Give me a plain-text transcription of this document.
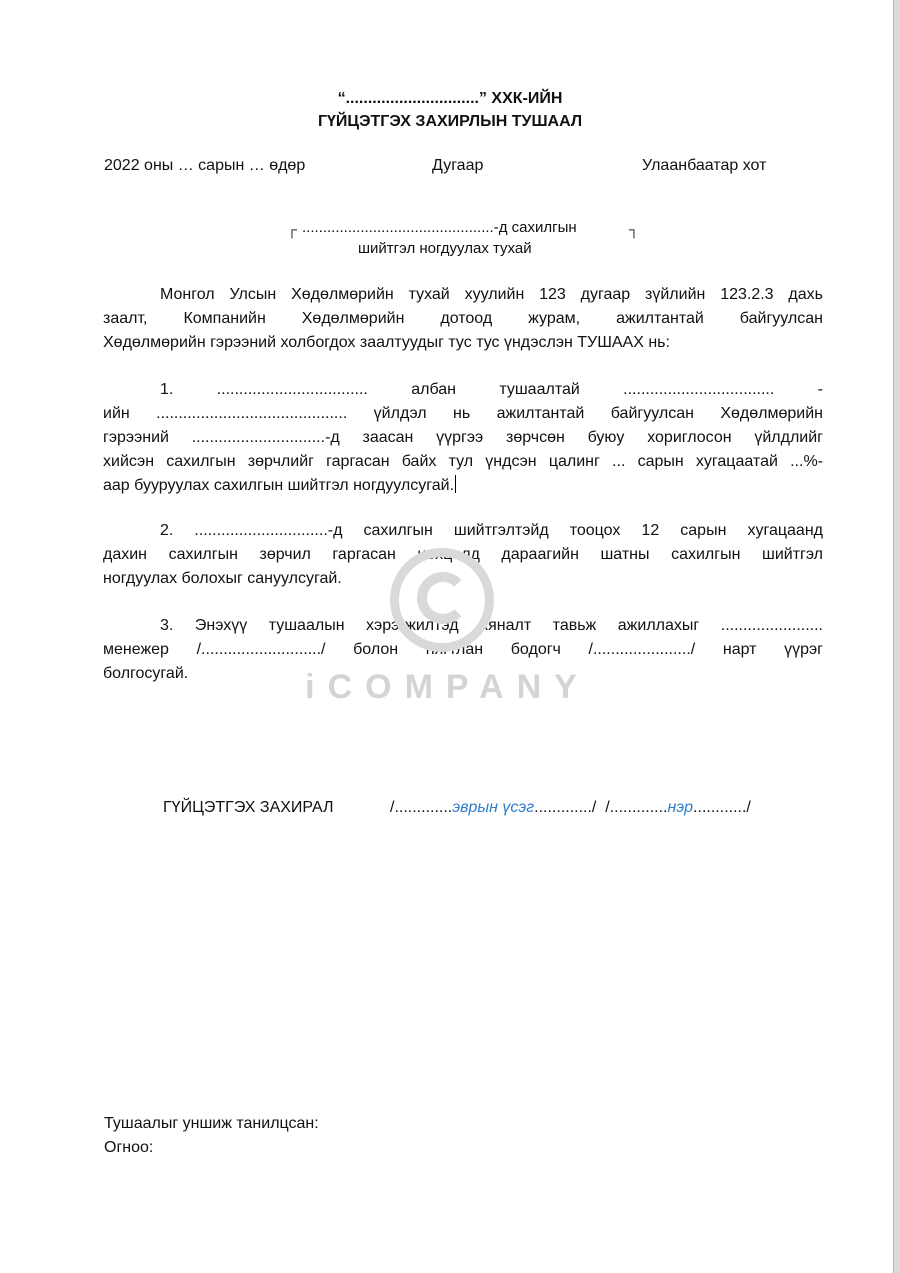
“..............................” ХХК-ИЙН
ГҮЙЦЭТГЭХ ЗАХИРЛЫН ТУШААЛ
2022 оны … сарын … өдөр	Дугаар	Улаанбаатар хот
┌ ..............................................-д сахилгын	┐
шийтгэл ногдуулах тухай
Монгол Улсын Хөдөлмөрийн тухай хуулийн 123 дугаар зүйлийн 123.2.3 дахь
заалт, Компанийн Хөдөлмөрийн дотоод журам, ажилтантай байгуулсан
Хөдөлмөрийн гэрээний холбогдох заалтуудыг тус тус үндэслэн ТУШААХ нь:
1. .................................. албан тушаалтай .................................. -
ийн ........................................... үйлдэл нь ажилтантай байгуулсан Хөдөлмөрийн
гэрээний ..............................-д заасан үүргээ зөрчсөн буюу хориглосон үйлдлийг
хийсэн сахилгын зөрчлийг гаргасан байх тул үндсэн цалинг ... сарын хугацаатай ...%-
аар бууруулах сахилгын шийтгэл ногдуулсугай.
2. ..............................-д сахилгын шийтгэлтэйд тооцох 12 сарын хугацаанд
дахин сахилгын зөрчил гаргасан нөхцөлд дараагийн шатны сахилгын шийтгэл
ногдуулах болохыг сануулсугай.
3. Энэхүү тушаалын хэрэгжилтэд хяналт тавьж ажиллахыг .......................
менежер /.........................../ болон нягтлан бодогч /....................../ нарт үүрэг
болгосугай.	iCOMPANY
ГҮЙЦЭТГЭХ ЗАХИРАЛ	/.............эврын үсэг............./ /.............нэр............/
Тушаалыг уншиж танилцсан:
Огноо:
